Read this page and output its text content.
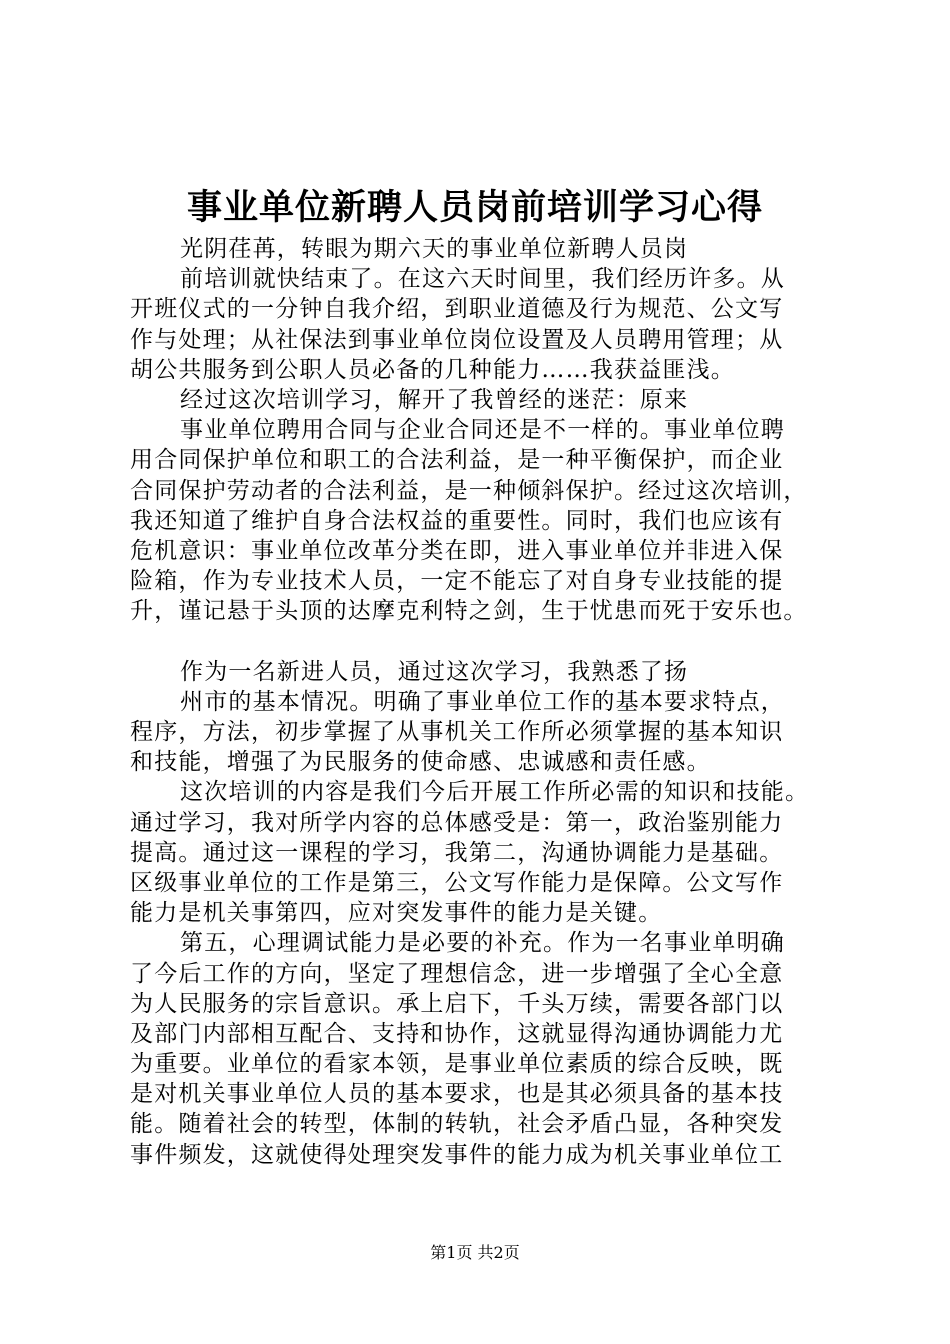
事业单位新聘人员岗前培训学习心得
光阴荏苒，转眼为期六天的事业单位新聘人员岗
前培训就快结束了。在这六天时间里，我们经历许多。从
开班仪式的一分钟自我介绍，到职业道德及行为规范、公文写
作与处理；从社保法到事业单位岗位设置及人员聘用管理；从
胡公共服务到公职人员必备的几种能力……我获益匪浅。
经过这次培训学习，解开了我曾经的迷茫：原来
事业单位聘用合同与企业合同还是不一样的。事业单位聘
用合同保护单位和职工的合法利益，是一种平衡保护，而企业
合同保护劳动者的合法利益，是一种倾斜保护。经过这次培训，
我还知道了维护自身合法权益的重要性。同时，我们也应该有
危机意识：事业单位改革分类在即，进入事业单位并非进入保
险箱，作为专业技术人员，一定不能忘了对自身专业技能的提
升，谨记悬于头顶的达摩克利特之剑，生于忧患而死于安乐也。
作为一名新进人员，通过这次学习，我熟悉了扬
州市的基本情况。明确了事业单位工作的基本要求特点，
程序，方法，初步掌握了从事机关工作所必须掌握的基本知识
和技能，增强了为民服务的使命感、忠诚感和责任感。
这次培训的内容是我们今后开展工作所必需的知识和技能。
通过学习，我对所学内容的总体感受是：第一，政治鉴别能力
提高。通过这一课程的学习，我第二，沟通协调能力是基础。
区级事业单位的工作是第三，公文写作能力是保障。公文写作
能力是机关事第四，应对突发事件的能力是关键。
第五，心理调试能力是必要的补充。作为一名事业单明确
了今后工作的方向，坚定了理想信念，进一步增强了全心全意
为人民服务的宗旨意识。承上启下，千头万续，需要各部门以
及部门内部相互配合、支持和协作，这就显得沟通协调能力尤
为重要。业单位的看家本领，是事业单位素质的综合反映，既
是对机关事业单位人员的基本要求，也是其必须具备的基本技
能。随着社会的转型，体制的转轨，社会矛盾凸显，各种突发
事件频发，这就使得处理突发事件的能力成为机关事业单位工
第1页 共2页
